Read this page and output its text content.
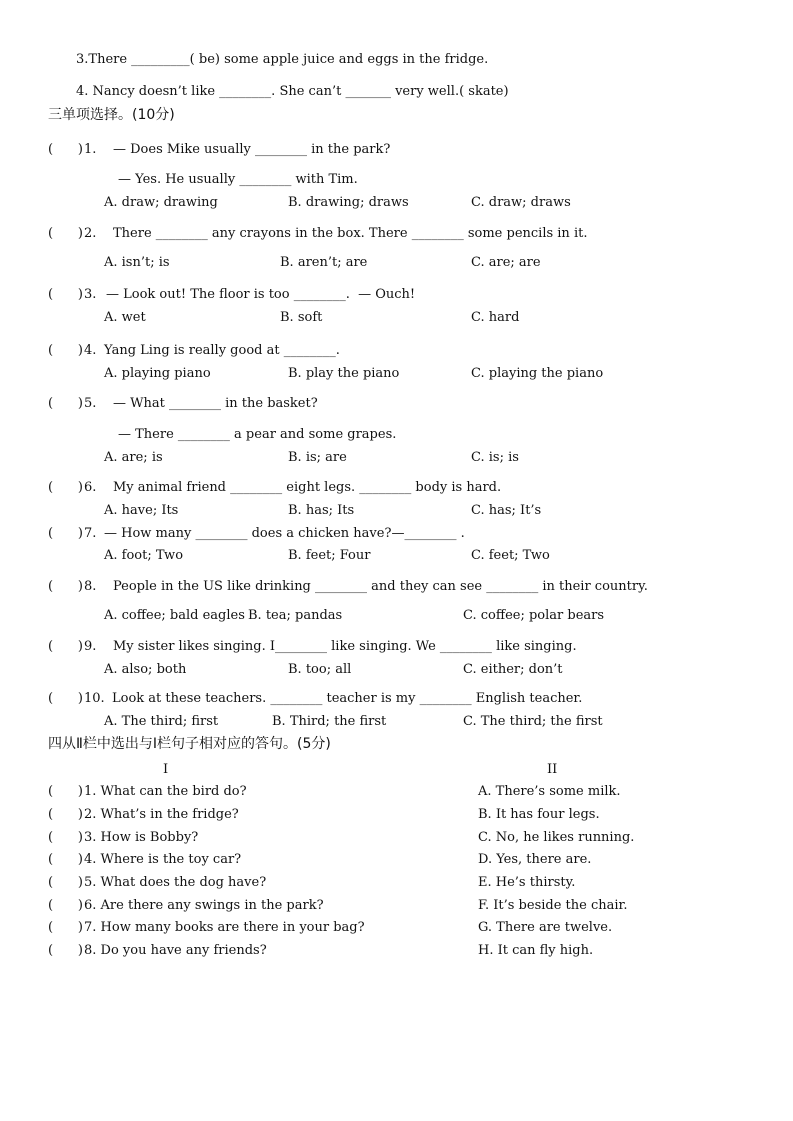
3.There _________( be) some apple juice and eggs in the fridge.
4. Nancy doesn’t like ________. She can’t _______ very well.( skate)
三单项选择。(10分)
(      ) 1. — Does Mike usually ________ in the park?
— Yes. He usually ________ with Tim.
A. draw; drawing	B. drawing; draws	C. draw; draws
(      ) 2. There ________ any crayons in the box. There ________ some pencils in it.
A. isn’t; is	B. aren’t; are	C. are; are
(      ) 3. — Look out! The floor is too ________.  — Ouch!
A. wet	B. soft	C. hard
(      ) 4. Yang Ling is really good at ________.
A. playing piano	B. play the piano	C. playing the piano
(      ) 5. — What ________ in the basket?
— There ________ a pear and some grapes.
A. are; is	B. is; are	C. is; is
(      ) 6. My animal friend ________ eight legs. ________ body is hard.
A. have; Its	B. has; Its	C. has; It’s
(      ) 7. — How many ________ does a chicken have?—________ .
A. foot; Two	B. feet; Four	C. feet; Two
(      ) 8. People in the US like drinking ________ and they can see ________ in their country.
A. coffee; bald eagles B. tea; pandas	C. coffee; polar bears
(      ) 9. My sister likes singing. I________ like singing. We ________ like singing.
A. also; both	B. too; all	C. either; don’t
(      ) 10. Look at these teachers. ________ teacher is my ________ English teacher.
A. The third; first	B. Third; the first	C. The third; the first
四从Ⅱ栏中选出与Ⅰ栏句子相对应的答句。(5分)
I	II
(      ) 1. What can the bird do?	A. There’s some milk.
(      ) 2. What’s in the fridge?	B. It has four legs.
(      ) 3. How is Bobby?	C. No, he likes running.
(      ) 4. Where is the toy car?	D. Yes, there are.
(      ) 5. What does the dog have?	E. He’s thirsty.
(      ) 6. Are there any swings in the park?	F. It’s beside the chair.
(      ) 7. How many books are there in your bag?	G. There are twelve.
(      ) 8. Do you have any friends?	H. It can fly high.
